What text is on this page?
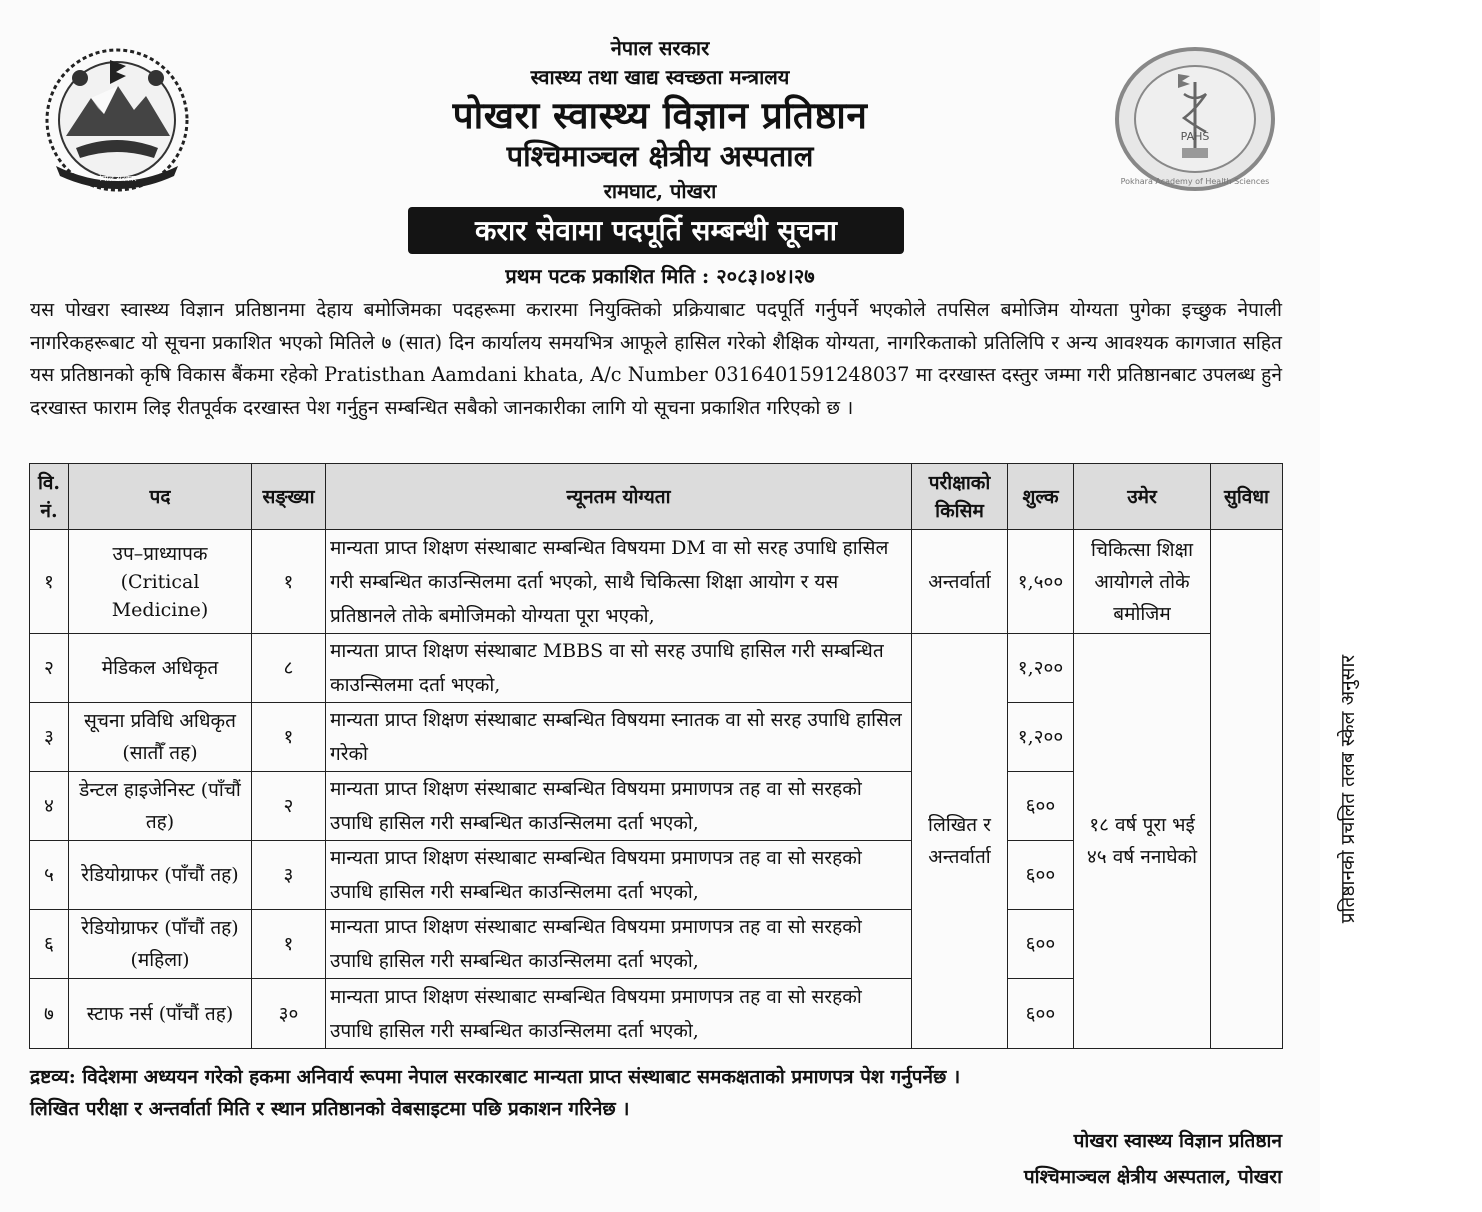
नेपाल सरकार
PAHS
Pokhara Academy of Health Sciences
नेपाल सरकार
स्वास्थ्य तथा खाद्य स्वच्छता मन्त्रालय
पोखरा स्वास्थ्य विज्ञान प्रतिष्ठान
पश्चिमाञ्चल क्षेत्रीय अस्पताल
रामघाट, पोखरा
करार सेवामा पदपूर्ति सम्बन्धी सूचना
प्रथम पटक प्रकाशित मिति : २०८३।०४।२७

यस पोखरा स्वास्थ्य विज्ञान प्रतिष्ठानमा देहाय बमोजिमका पदहरूमा करारमा नियुक्तिको प्रक्रियाबाट पदपूर्ति गर्नुपर्ने भएकोले तपसिल बमोजिम योग्यता पुगेका इच्छुक नेपाली नागरिकहरूबाट यो सूचना प्रकाशित भएको मितिले ७ (सात) दिन कार्यालय समयभित्र आफूले हासिल गरेको शैक्षिक योग्यता, नागरिकताको प्रतिलिपि र अन्य आवश्यक कागजात सहित यस प्रतिष्ठानको कृषि विकास बैंकमा रहेको Pratisthan Aamdani khata, A/c Number 0316401591248037 मा दरखास्त दस्तुर जम्मा गरी प्रतिष्ठानबाट उपलब्ध हुने दरखास्त फाराम लिइ रीतपूर्वक दरखास्त पेश गर्नुहुन सम्बन्धित सबैको जानकारीका लागि यो सूचना प्रकाशित गरिएको छ ।

वि. नं.	पद	सङ्ख्या	न्यूनतम योग्यता	परीक्षाको किसिम	शुल्क	उमेर	सुविधा
१	उप–प्राध्यापक (Critical Medicine)	१	मान्यता प्राप्त शिक्षण संस्थाबाट सम्बन्धित विषयमा DM वा सो सरह उपाधि हासिल गरी सम्बन्धित काउन्सिलमा दर्ता भएको, साथै चिकित्सा शिक्षा आयोग र यस प्रतिष्ठानले तोके बमोजिमको योग्यता पूरा भएको,	अन्तर्वार्ता	१,५००	चिकित्सा शिक्षा आयोगले तोके बमोजिम	प्रतिष्ठानको प्रचलित तलब स्केल अनुसार
२	मेडिकल अधिकृत	८	मान्यता प्राप्त शिक्षण संस्थाबाट MBBS वा सो सरह उपाधि हासिल गरी सम्बन्धित काउन्सिलमा दर्ता भएको,	लिखित र अन्तर्वार्ता	१,२००	१८ वर्ष पूरा भई ४५ वर्ष ननाघेको	
३	सूचना प्रविधि अधिकृत (सातौँ तह)	१	मान्यता प्राप्त शिक्षण संस्थाबाट सम्बन्धित विषयमा स्नातक वा सो सरह उपाधि हासिल गरेको		१,२००		
४	डेन्टल हाइजेनिस्ट (पाँचौं तह)	२	मान्यता प्राप्त शिक्षण संस्थाबाट सम्बन्धित विषयमा प्रमाणपत्र तह वा सो सरहको उपाधि हासिल गरी सम्बन्धित काउन्सिलमा दर्ता भएको,		६००		
५	रेडियोग्राफर (पाँचौं तह)	३	मान्यता प्राप्त शिक्षण संस्थाबाट सम्बन्धित विषयमा प्रमाणपत्र तह वा सो सरहको उपाधि हासिल गरी सम्बन्धित काउन्सिलमा दर्ता भएको,		६००		
६	रेडियोग्राफर (पाँचौं तह) (महिला)	१	मान्यता प्राप्त शिक्षण संस्थाबाट सम्बन्धित विषयमा प्रमाणपत्र तह वा सो सरहको उपाधि हासिल गरी सम्बन्धित काउन्सिलमा दर्ता भएको,		६००		
७	स्टाफ नर्स (पाँचौं तह)	३०	मान्यता प्राप्त शिक्षण संस्थाबाट सम्बन्धित विषयमा प्रमाणपत्र तह वा सो सरहको उपाधि हासिल गरी सम्बन्धित काउन्सिलमा दर्ता भएको,		६००		
द्रष्टव्य: विदेशमा अध्ययन गरेको हकमा अनिवार्य रूपमा नेपाल सरकारबाट मान्यता प्राप्त संस्थाबाट समकक्षताको प्रमाणपत्र पेश गर्नुपर्नेछ ।
लिखित परीक्षा र अन्तर्वार्ता मिति र स्थान प्रतिष्ठानको वेबसाइटमा पछि प्रकाशन गरिनेछ ।
पोखरा स्वास्थ्य विज्ञान प्रतिष्ठान
पश्चिमाञ्चल क्षेत्रीय अस्पताल, पोखरा
